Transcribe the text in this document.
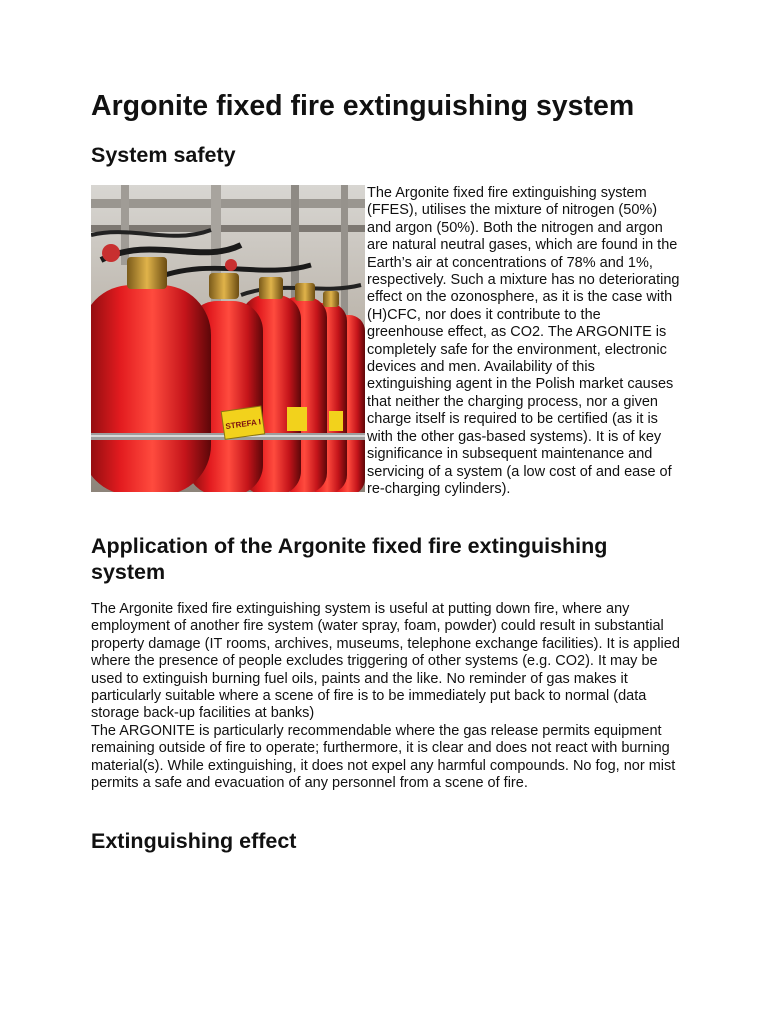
Argonite fixed fire extinguishing system
System safety
STREFA I

The Argonite fixed fire extinguishing system (FFES), utilises the mixture of nitrogen (50%) and argon (50%). Both the nitrogen and argon are natural neutral gases, which are found in the Earth’s air at concentrations of 78% and 1%, respectively. Such a mixture has no deteriorating effect on the ozonosphere, as it is the case with (H)CFC, nor does it contribute to the greenhouse effect, as CO2. The ARGONITE is completely safe for the environment, electronic devices and men. Availability of this extinguishing agent in the Polish market causes that neither the charging process, nor a given charge itself is required to be certified (as it is with the other gas-based systems). It is of key significance in subsequent maintenance and servicing of a system (a low cost of and ease of re-charging cylinders).

Application of the Argonite fixed fire extinguishing system

The Argonite fixed fire extinguishing system is useful at putting down fire, where any employment of another fire system (water spray, foam, powder) could result in substantial property damage (IT rooms, archives, museums, telephone exchange facilities). It is applied where the presence of people excludes triggering of other systems (e.g. CO2). It may be used to extinguish burning fuel oils, paints and the like. No reminder of gas makes it particularly suitable where a scene of fire is to be immediately put back to normal (data storage back-up facilities at banks)

The ARGONITE is particularly recommendable where the gas release permits equipment remaining outside of fire to operate; furthermore, it is clear and does not react with burning material(s). While extinguishing, it does not expel any harmful compounds. No fog, nor mist permits a safe and evacuation of any personnel from a scene of fire.

Extinguishing effect
